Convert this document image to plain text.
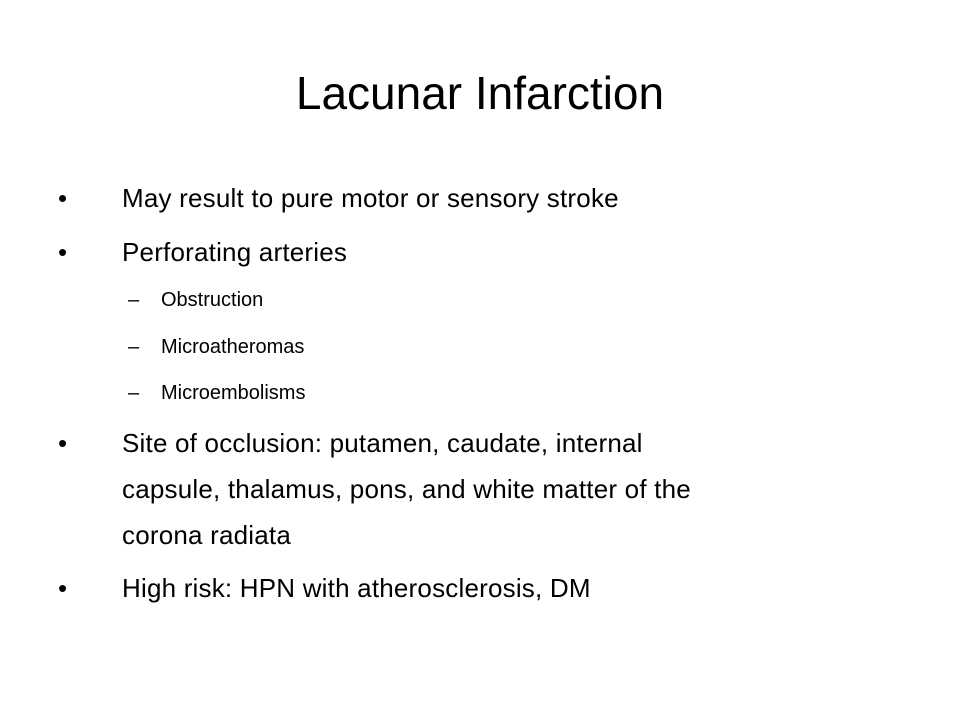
Lacunar Infarction
• May result to pure motor or sensory stroke
• Perforating arteries
– Obstruction
– Microatheromas
– Microembolisms
• Site of occlusion: putamen, caudate, internal
capsule, thalamus, pons, and white matter of the
corona radiata
• High risk: HPN with atherosclerosis, DM
